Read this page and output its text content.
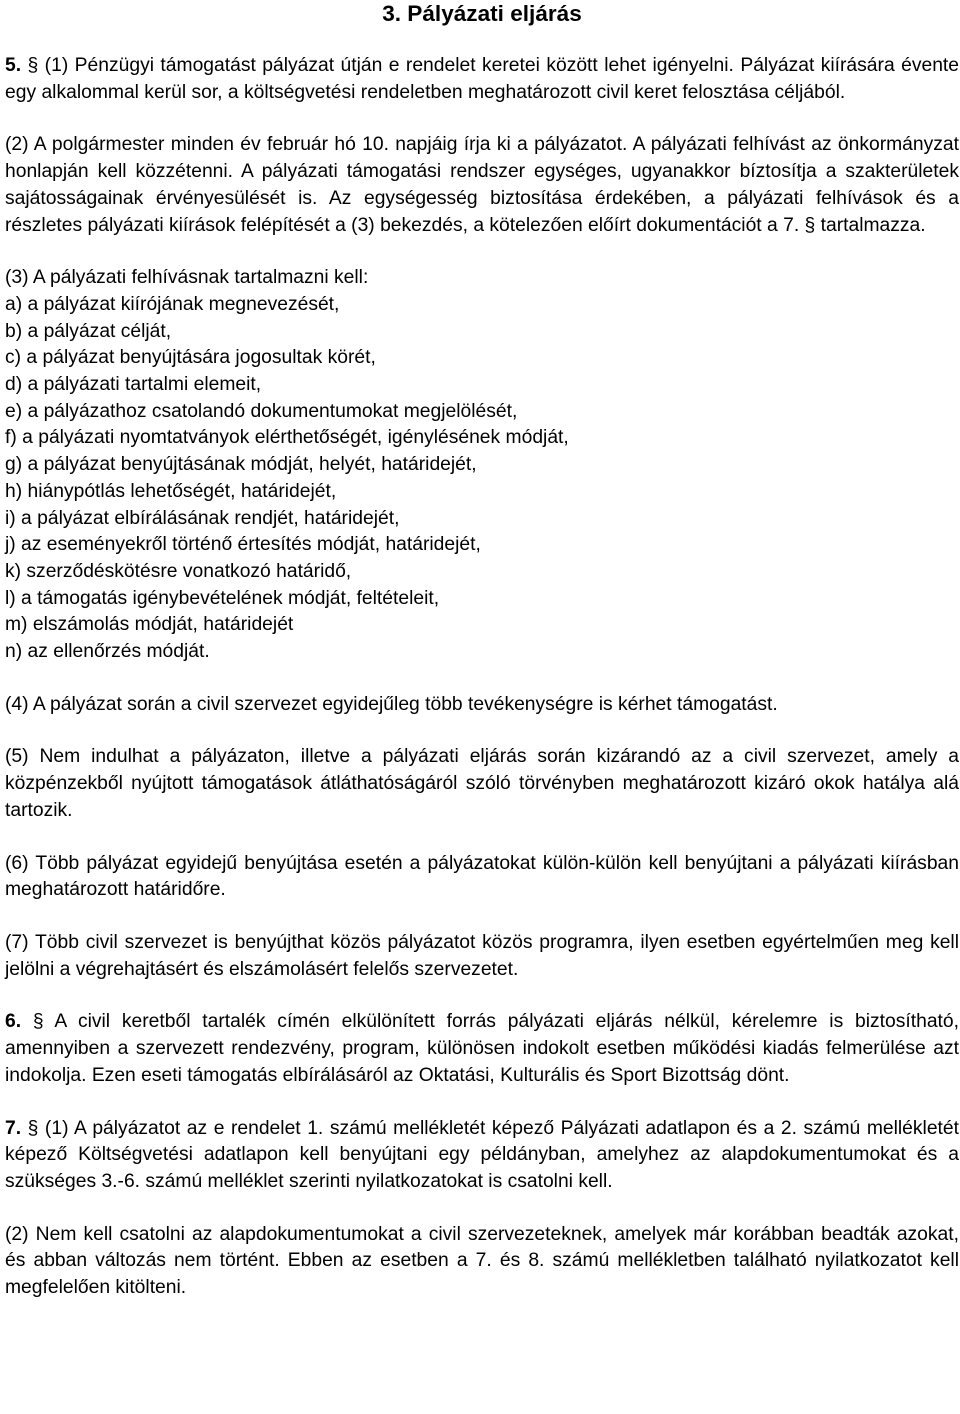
3. Pályázati eljárás

5. § (1) Pénzügyi támogatást pályázat útján e rendelet keretei között lehet igényelni. Pályázat kiírására évente egy alkalommal kerül sor, a költségvetési rendeletben meghatározott civil keret felosztása céljából.

(2) A polgármester minden év február hó 10. napjáig írja ki a pályázatot. A pályázati felhívást az önkormányzat honlapján kell közzétenni. A pályázati támogatási rendszer egységes, ugyanakkor bíztosítja a szakterületek sajátosságainak érvényesülését is. Az egységesség biztosítása érdekében, a pályázati felhívások és a részletes pályázati kiírások felépítését a (3) bekezdés, a kötelezően előírt dokumentációt a 7. § tartalmazza.

(3) A pályázati felhívásnak tartalmazni kell:

a) a pályázat kiírójának megnevezését,

b) a pályázat célját,

c) a pályázat benyújtására jogosultak körét,

d) a pályázati tartalmi elemeit,

e) a pályázathoz csatolandó dokumentumokat megjelölését,

f) a pályázati nyomtatványok elérthetőségét, igénylésének módját,

g) a pályázat benyújtásának módját, helyét, határidejét,

h) hiánypótlás lehetőségét, határidejét,

i) a pályázat elbírálásának rendjét, határidejét,

j) az eseményekről történő értesítés módját, határidejét,

k) szerződéskötésre vonatkozó határidő,

l) a támogatás igénybevételének módját, feltételeit,

m) elszámolás módját, határidejét

n) az ellenőrzés módját.

(4) A pályázat során a civil szervezet egyidejűleg több tevékenységre is kérhet támogatást.

(5) Nem indulhat a pályázaton, illetve a pályázati eljárás során kizárandó az a civil szervezet, amely a közpénzekből nyújtott támogatások átláthatóságáról szóló törvényben meghatározott kizáró okok hatálya alá tartozik.

(6) Több pályázat egyidejű benyújtása esetén a pályázatokat külön-külön kell benyújtani a pályázati kiírásban meghatározott határidőre.

(7) Több civil szervezet is benyújthat közös pályázatot közös programra, ilyen esetben egyértelműen meg kell jelölni a végrehajtásért és elszámolásért felelős szervezetet.

6. § A civil keretből tartalék címén elkülönített forrás pályázati eljárás nélkül, kérelemre is biztosítható, amennyiben a szervezett rendezvény, program, különösen indokolt esetben működési kiadás felmerülése azt indokolja. Ezen eseti támogatás elbírálásáról az Oktatási, Kulturális és Sport Bizottság dönt.

7. § (1) A pályázatot az e rendelet 1. számú mellékletét képező Pályázati adatlapon és a 2. számú mellékletét képező Költségvetési adatlapon kell benyújtani egy példányban, amelyhez az alapdokumentumokat és a szükséges 3.-6. számú melléklet szerinti nyilatkozatokat is csatolni kell.

(2) Nem kell csatolni az alapdokumentumokat a civil szervezeteknek, amelyek már korábban beadták azokat, és abban változás nem történt. Ebben az esetben a 7. és 8. számú mellékletben található nyilatkozatot kell megfelelően kitölteni.
